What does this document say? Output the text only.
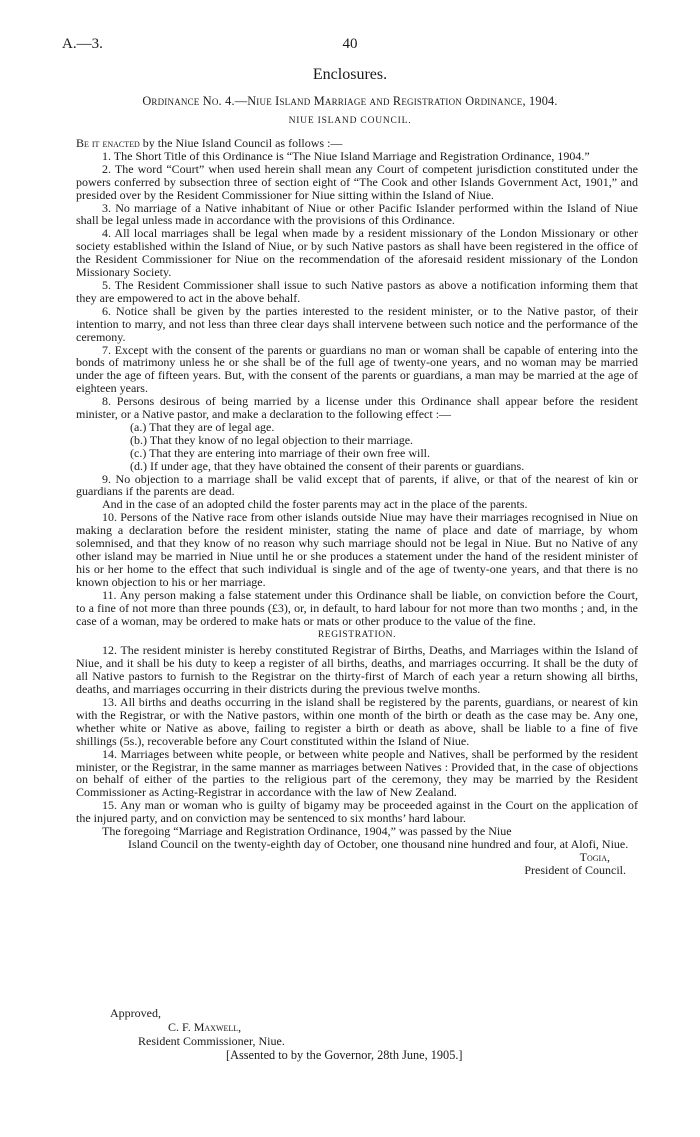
A.—3.	40
Enclosures.
Ordinance No. 4.—Niue Island Marriage and Registration Ordinance, 1904.
NIUE ISLAND COUNCIL.

Be it enacted by the Niue Island Council as follows :—

1. The Short Title of this Ordinance is “The Niue Island Marriage and Registration Ordinance, 1904.”

2. The word “Court” when used herein shall mean any Court of competent jurisdiction constituted under the powers conferred by subsection three of section eight of “The Cook and other Islands Government Act, 1901,” and presided over by the Resident Commissioner for Niue sitting within the Island of Niue.

3. No marriage of a Native inhabitant of Niue or other Pacific Islander performed within the Island of Niue shall be legal unless made in accordance with the provisions of this Ordinance.

4. All local marriages shall be legal when made by a resident missionary of the London Missionary or other society established within the Island of Niue, or by such Native pastors as shall have been registered in the office of the Resident Commissioner for Niue on the recommendation of the aforesaid resident missionary of the London Missionary Society.

5. The Resident Commissioner shall issue to such Native pastors as above a notification informing them that they are empowered to act in the above behalf.

6. Notice shall be given by the parties interested to the resident minister, or to the Native pastor, of their intention to marry, and not less than three clear days shall intervene between such notice and the performance of the ceremony.

7. Except with the consent of the parents or guardians no man or woman shall be capable of entering into the bonds of matrimony unless he or she shall be of the full age of twenty-one years, and no woman may be married under the age of fifteen years. But, with the consent of the parents or guardians, a man may be married at the age of eighteen years.

8. Persons desirous of being married by a license under this Ordinance shall appear before the resident minister, or a Native pastor, and make a declaration to the following effect :—

(a.) That they are of legal age.
(b.) That they know of no legal objection to their marriage.
(c.) That they are entering into marriage of their own free will.
(d.) If under age, that they have obtained the consent of their parents or guardians.

9. No objection to a marriage shall be valid except that of parents, if alive, or that of the nearest of kin or guardians if the parents are dead.

And in the case of an adopted child the foster parents may act in the place of the parents.

10. Persons of the Native race from other islands outside Niue may have their marriages recognised in Niue on making a declaration before the resident minister, stating the name of place and date of marriage, by whom solemnised, and that they know of no reason why such marriage should not be legal in Niue. But no Native of any other island may be married in Niue until he or she produces a statement under the hand of the resident minister of his or her home to the effect that such individual is single and of the age of twenty-one years, and that there is no known objection to his or her marriage.

11. Any person making a false statement under this Ordinance shall be liable, on conviction before the Court, to a fine of not more than three pounds (£3), or, in default, to hard labour for not more than two months ; and, in the case of a woman, may be ordered to make hats or mats or other produce to the value of the fine.

REGISTRATION.

12. The resident minister is hereby constituted Registrar of Births, Deaths, and Marriages within the Island of Niue, and it shall be his duty to keep a register of all births, deaths, and marriages occurring. It shall be the duty of all Native pastors to furnish to the Registrar on the thirty-first of March of each year a return showing all births, deaths, and marriages occurring in their districts during the previous twelve months.

13. All births and deaths occurring in the island shall be registered by the parents, guardians, or nearest of kin with the Registrar, or with the Native pastors, within one month of the birth or death as the case may be. Any one, whether white or Native as above, failing to register a birth or death as above, shall be liable to a fine of five shillings (5s.), recoverable before any Court constituted within the Island of Niue.

14. Marriages between white people, or between white people and Natives, shall be performed by the resident minister, or the Registrar, in the same manner as marriages between Natives : Provided that, in the case of objections on behalf of either of the parties to the religious part of the ceremony, they may be married by the Resident Commissioner as Acting-Registrar in accordance with the law of New Zealand.

15. Any man or woman who is guilty of bigamy may be proceeded against in the Court on the application of the injured party, and on conviction may be sentenced to six months’ hard labour.

The foregoing “Marriage and Registration Ordinance, 1904,” was passed by the Niue
Island Council on the twenty-eighth day of October, one thousand nine hundred and four, at Alofi, Niue.

Togia,
President of Council.
Approved,
C. F. Maxwell,
Resident Commissioner, Niue.
[Assented to by the Governor, 28th June, 1905.]
